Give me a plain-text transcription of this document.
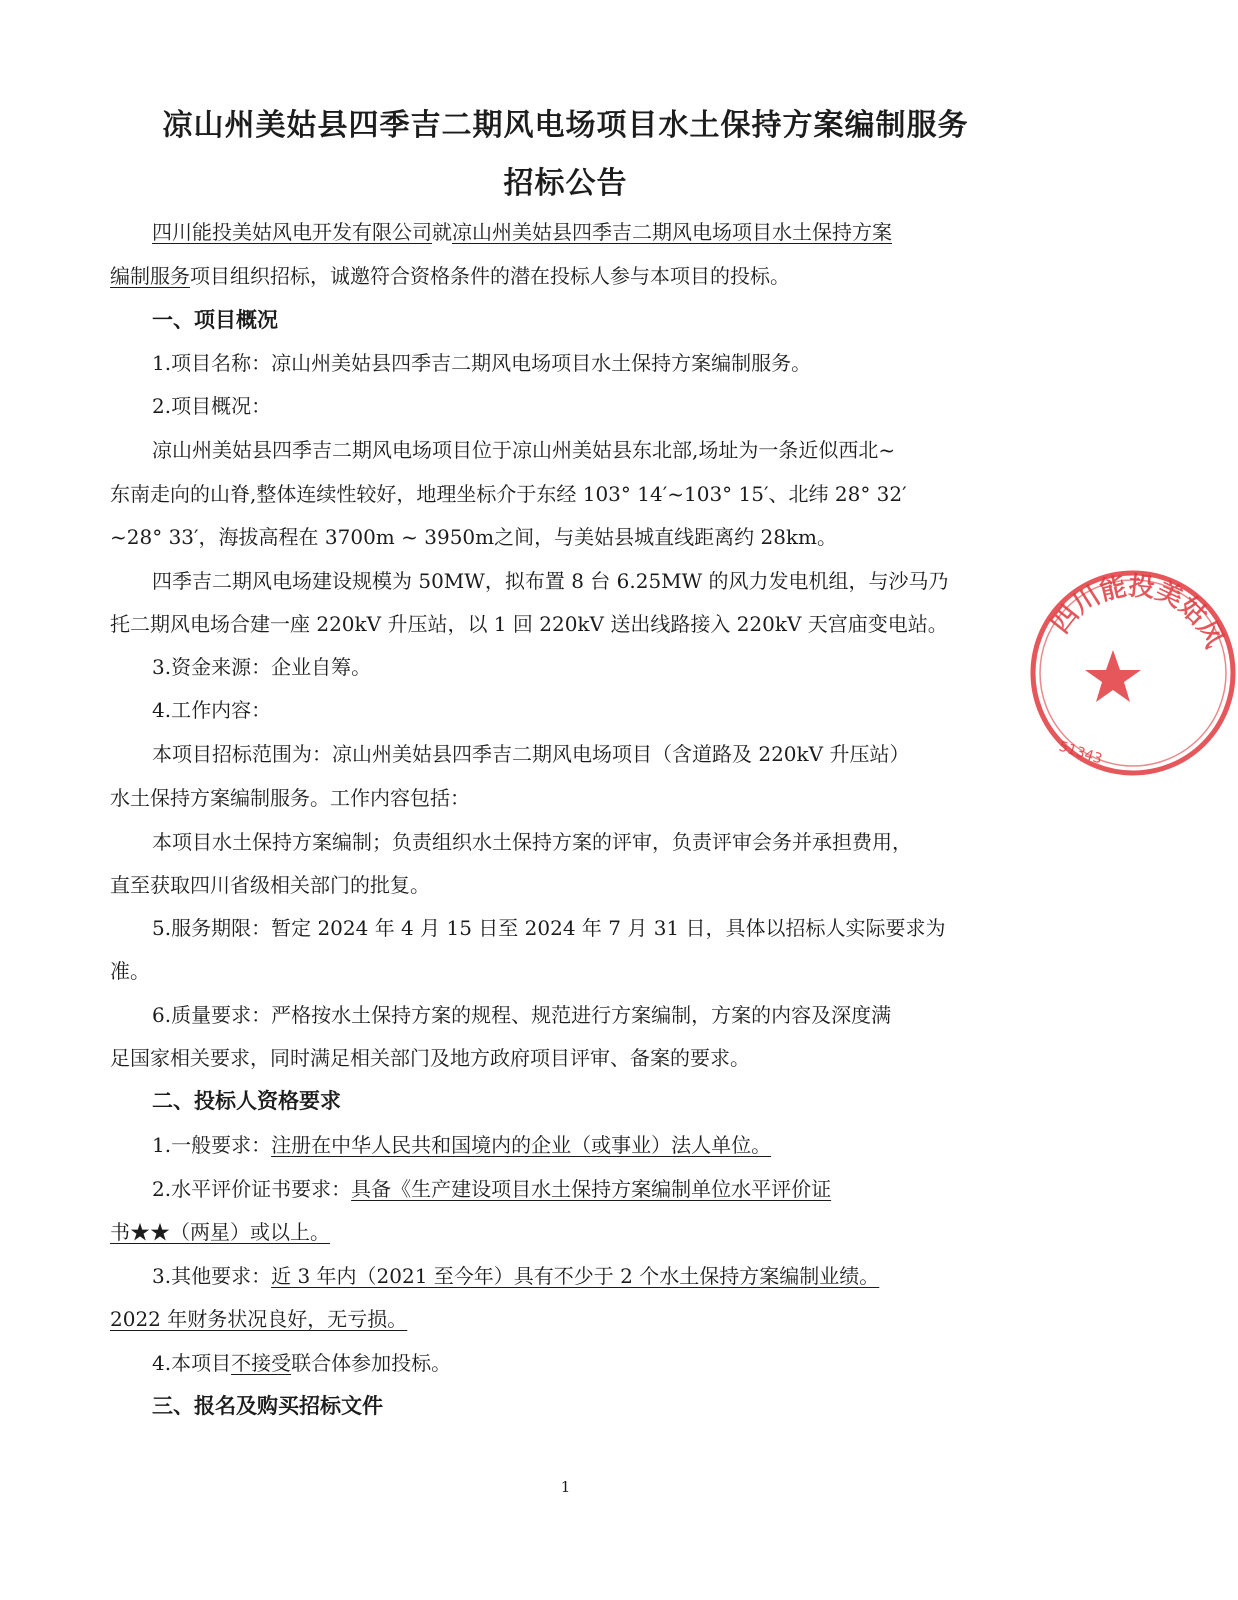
凉山州美姑县四季吉二期风电场项目水土保持方案编制服务
招标公告

四川能投美姑风电开发有限公司就凉山州美姑县四季吉二期风电场项目水土保持方案

编制服务项目组织招标，诚邀符合资格条件的潜在投标人参与本项目的投标。

一、项目概况

1.项目名称：凉山州美姑县四季吉二期风电场项目水土保持方案编制服务。

2.项目概况：

凉山州美姑县四季吉二期风电场项目位于凉山州美姑县东北部,场址为一条近似西北~

东南走向的山脊,整体连续性较好，地理坐标介于东经 103° 14′~103° 15′、北纬 28° 32′

~28° 33′，海拔高程在 3700m ~ 3950m之间，与美姑县城直线距离约 28km。

四季吉二期风电场建设规模为 50MW，拟布置 8 台 6.25MW 的风力发电机组，与沙马乃

托二期风电场合建一座 220kV 升压站，以 1 回 220kV 送出线路接入 220kV 天宫庙变电站。

3.资金来源：企业自筹。

4.工作内容：

本项目招标范围为：凉山州美姑县四季吉二期风电场项目（含道路及 220kV 升压站）

水土保持方案编制服务。工作内容包括：

本项目水土保持方案编制；负责组织水土保持方案的评审，负责评审会务并承担费用，

直至获取四川省级相关部门的批复。

5.服务期限：暂定 2024 年 4 月 15 日至 2024 年 7 月 31 日，具体以招标人实际要求为

准。

6.质量要求：严格按水土保持方案的规程、规范进行方案编制，方案的内容及深度满

足国家相关要求，同时满足相关部门及地方政府项目评审、备案的要求。

二、投标人资格要求

1.一般要求：注册在中华人民共和国境内的企业（或事业）法人单位。

2.水平评价证书要求：具备《生产建设项目水土保持方案编制单位水平评价证

书★★（两星）或以上。

3.其他要求：近 3 年内（2021 至今年）具有不少于 2 个水土保持方案编制业绩。

2022 年财务状况良好，无亏损。

4.本项目不接受联合体参加投标。

三、报名及购买招标文件

1
四川能投美姑风
51343
